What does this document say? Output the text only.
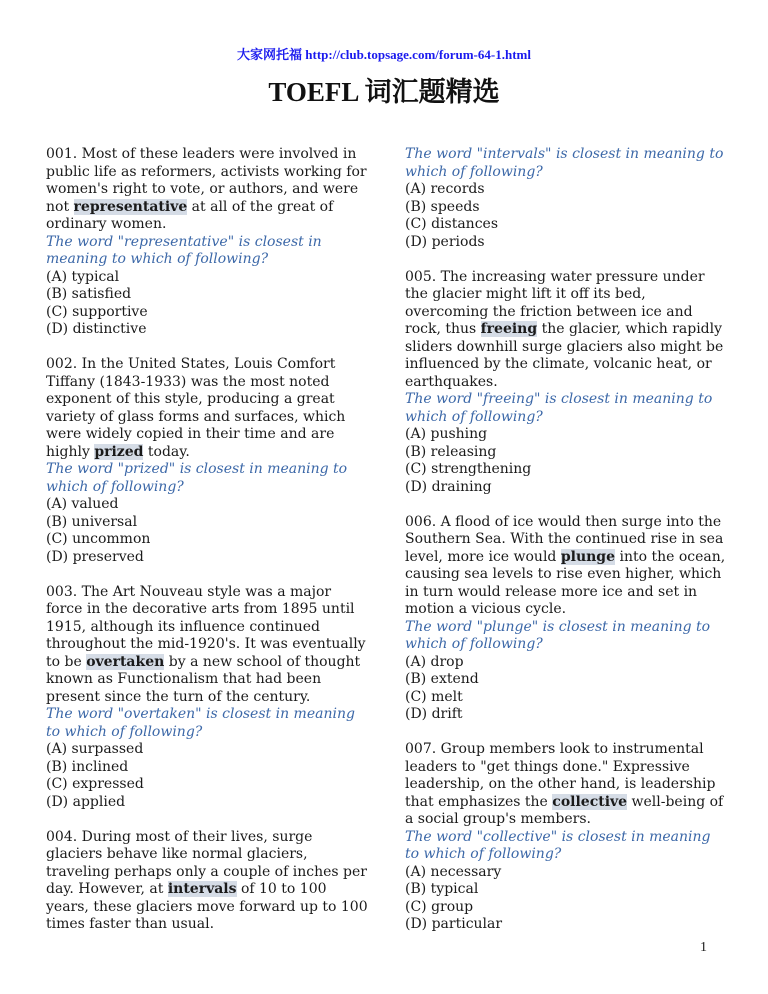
大家网托福 http://club.topsage.com/forum-64-1.html
TOEFL 词汇题精选

001. Most of these leaders were involved in public life as reformers, activists working for women's right to vote, or authors, and were not representative at all of the great of ordinary women.

The word "representative" is closest in meaning to which of following?

(A) typical

(B) satisfied

(C) supportive

(D) distinctive

002. In the United States, Louis Comfort Tiffany (1843-1933) was the most noted exponent of this style, producing a great variety of glass forms and surfaces, which were widely copied in their time and are highly prized today.

The word "prized" is closest in meaning to which of following?

(A) valued

(B) universal

(C) uncommon

(D) preserved

003. The Art Nouveau style was a major force in the decorative arts from 1895 until 1915, although its influence continued throughout the mid-1920's. It was eventually to be overtaken by a new school of thought known as Functionalism that had been present since the turn of the century.

The word "overtaken" is closest in meaning to which of following?

(A) surpassed

(B) inclined

(C) expressed

(D) applied

004. During most of their lives, surge glaciers behave like normal glaciers, traveling perhaps only a couple of inches per day. However, at intervals of 10 to 100 years, these glaciers move forward up to 100 times faster than usual.

The word "intervals" is closest in meaning to which of following?

(A) records

(B) speeds

(C) distances

(D) periods

005. The increasing water pressure under the glacier might lift it off its bed, overcoming the friction between ice and rock, thus freeing the glacier, which rapidly sliders downhill surge glaciers also might be influenced by the climate, volcanic heat, or earthquakes.

The word "freeing" is closest in meaning to which of following?

(A) pushing

(B) releasing

(C) strengthening

(D) draining

006. A flood of ice would then surge into the Southern Sea. With the continued rise in sea level, more ice would plunge into the ocean, causing sea levels to rise even higher, which in turn would release more ice and set in motion a vicious cycle.

The word "plunge" is closest in meaning to which of following?

(A) drop

(B) extend

(C) melt

(D) drift

007. Group members look to instrumental leaders to "get things done." Expressive leadership, on the other hand, is leadership that emphasizes the collective well-being of a social group's members.

The word "collective" is closest in meaning to which of following?

(A) necessary

(B) typical

(C) group

(D) particular

1
